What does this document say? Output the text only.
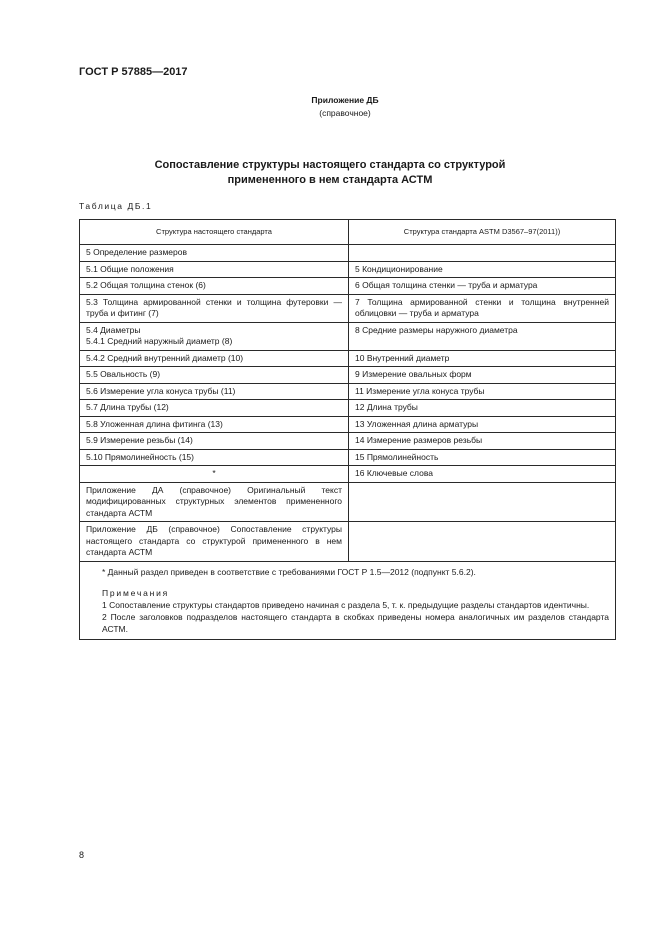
ГОСТ Р 57885—2017
Приложение ДБ
(справочное)
Сопоставление структуры настоящего стандарта со структурой
примененного в нем стандарта АСТМ
Таблица ДБ.1
Структура настоящего стандарта	Структура стандарта ASTM D3567–97(2011))

5 Определение размеров	

5.1 Общие положения	5 Кондиционирование

5.2 Общая толщина стенок (6)	6 Общая толщина стенки — труба и арматура

5.3 Толщина армированной стенки и толщина футеровки — труба и фитинг (7)	7 Толщина армированной стенки и толщина внутренней облицовки — труба и арматура

5.4 Диаметры
5.4.1 Средний наружный диаметр (8)	8 Средние размеры наружного диаметра

5.4.2 Средний внутренний диаметр (10)	10 Внутренний диаметр

5.5 Овальность (9)	9 Измерение овальных форм

5.6 Измерение угла конуса трубы (11)	11 Измерение угла конуса трубы

5.7 Длина трубы (12)	12 Длина трубы

5.8 Уложенная длина фитинга (13)	13 Уложенная длина арматуры

5.9 Измерение резьбы (14)	14 Измерение размеров резьбы

5.10 Прямолинейность (15)	15 Прямолинейность

*	16 Ключевые слова

Приложение ДА (справочное) Оригинальный текст модифицированных структурных элементов примененного стандарта АСТМ	

Приложение ДБ (справочное) Сопоставление структуры настоящего стандарта со структурой примененного в нем стандарта АСТМ	

* Данный раздел приведен в соответствие с требованиями ГОСТ Р 1.5—2012 (подпункт 5.6.2).

Примечания

1 Сопоставление структуры стандартов приведено начиная с раздела 5, т. к. предыдущие разделы стандартов идентичны.

2 После заголовков подразделов настоящего стандарта в скобках приведены номера аналогичных им разделов стандарта АСТМ.	

8
